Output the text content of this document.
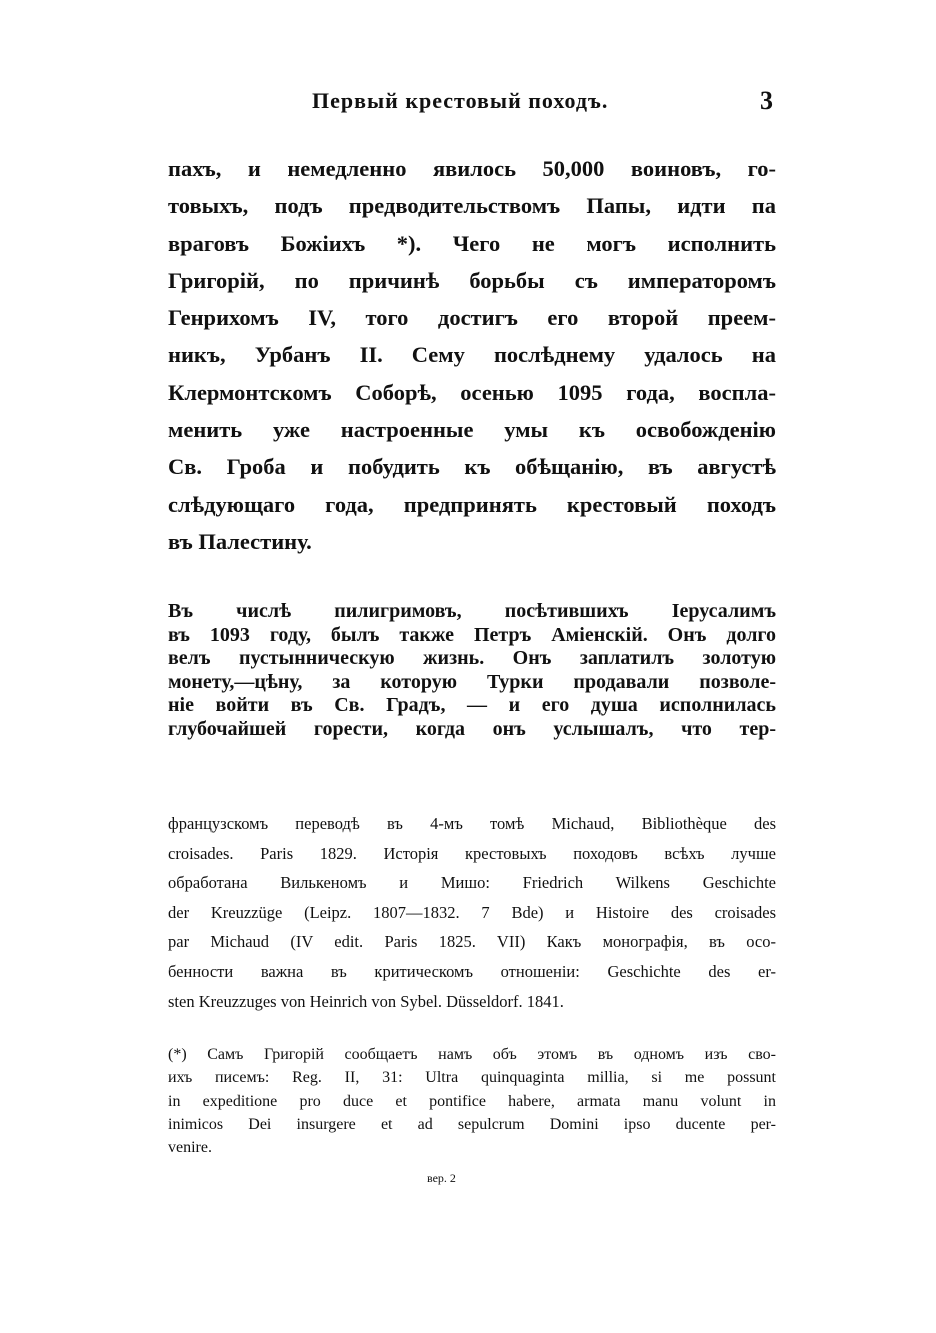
Первый крестовый походъ.	3
пахъ, и немедленно явилось 50,000 воиновъ, го-
товыхъ, подъ предводительствомъ Папы, идти па
враговъ Божіихъ *). Чего не могъ исполнить
Григорій, по причинѣ борьбы съ императоромъ
Генрихомъ IV, того достигъ его второй преем-
никъ, Урбанъ II. Сему послѣднему удалось на
Клермонтскомъ Соборѣ, осенью 1095 года, воспла-
менить уже настроенные умы къ освобожденію
Св. Гроба и побудить къ обѣщанію, въ августѣ
слѣдующаго года, предпринять крестовый походъ
въ Палестину.
Въ числѣ пилигримовъ, посѣтившихъ Іерусалимъ
въ 1093 году, былъ также Петръ Аміенскій. Онъ долго
велъ пустынническую жизнь. Онъ заплатилъ золотую
монету,—цѣну, за которую Турки продавали позволе-
ніе войти въ Св. Градъ, — и его душа исполнилась
глубочайшей горести, когда онъ услышалъ, что тер-
французскомъ переводѣ въ 4-мъ томѣ Michaud, Bibliothèque des
croisades. Paris 1829. Исторія крестовыхъ походовъ всѣхъ лучше
обработана Вилькеномъ и Мишо: Friedrich Wilkens Geschichte
der Kreuzzüge (Leipz. 1807—1832. 7 Bde) и Histoire des croisades
par Michaud (IV edit. Paris 1825. VII) Какъ монографія, въ осо-
бенности важна въ критическомъ отношеніи: Geschichte des er-
sten Kreuzzuges von Heinrich von Sybel. Düsseldorf. 1841.
(*) Самъ Григорій сообщаетъ намъ объ этомъ въ одномъ изъ сво-
ихъ писемъ: Reg. II, 31: Ultra quinquaginta millia, si me possunt
in expeditione pro duce et pontifice habere, armata manu volunt in
inimicos Dei insurgere et ad sepulcrum Domini ipso ducente per-
venire.
вер. 2
